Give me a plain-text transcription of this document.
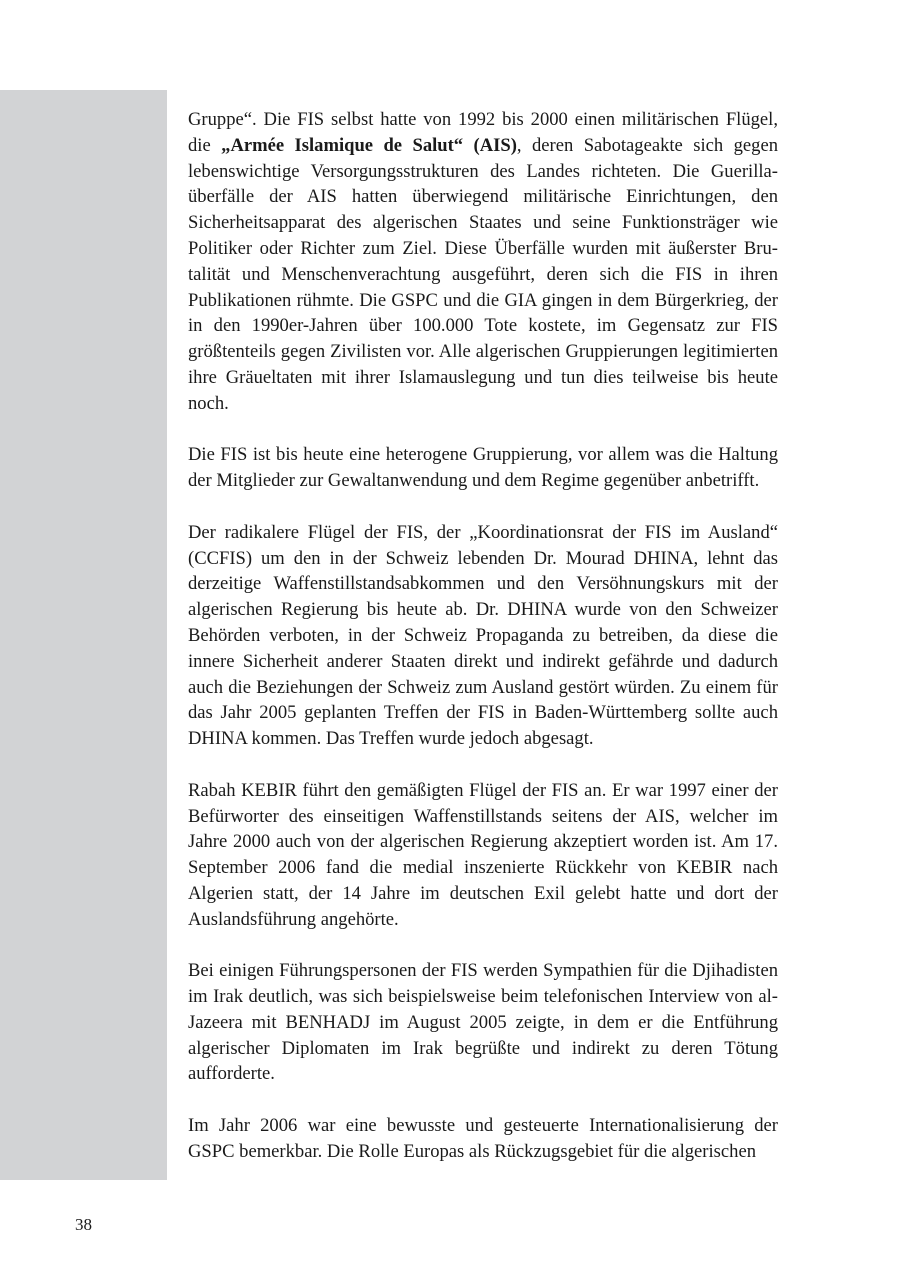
Gruppe“. Die FIS selbst hatte von 1992 bis 2000 einen militärischen Flügel, die „Armée Islamique de Salut“ (AIS), deren Sabotageakte sich gegen lebenswichtige Versorgungsstrukturen des Landes richteten. Die Guerillaüberfälle der AIS hatten überwiegend militärische Einrichtungen, den Sicherheitsapparat des algerischen Staates und seine Funktionsträger wie Politiker oder Richter zum Ziel. Diese Überfälle wurden mit äußerster Brutalität und Menschenverachtung ausgeführt, deren sich die FIS in ihren Publikationen rühmte. Die GSPC und die GIA gingen in dem Bürgerkrieg, der in den 1990er-Jahren über 100.000 Tote kostete, im Gegensatz zur FIS größtenteils gegen Zivilisten vor. Alle algerischen Gruppierungen legitimierten ihre Gräueltaten mit ihrer Islamauslegung und tun dies teilweise bis heute noch.

Die FIS ist bis heute eine heterogene Gruppierung, vor allem was die Haltung der Mitglieder zur Gewaltanwendung und dem Regime gegenüber anbetrifft.

Der radikalere Flügel der FIS, der „Koordinationsrat der FIS im Ausland“ (CCFIS) um den in der Schweiz lebenden Dr. Mourad DHINA, lehnt das derzeitige Waffenstillstandsabkommen und den Versöhnungskurs mit der algerischen Regierung bis heute ab. Dr. DHINA wurde von den Schweizer Behörden verboten, in der Schweiz Propaganda zu betreiben, da diese die innere Sicherheit anderer Staaten direkt und indirekt gefährde und dadurch auch die Beziehungen der Schweiz zum Ausland gestört würden. Zu einem für das Jahr 2005 geplanten Treffen der FIS in Baden-Württemberg sollte auch DHINA kommen. Das Treffen wurde jedoch abgesagt.

Rabah KEBIR führt den gemäßigten Flügel der FIS an. Er war 1997 einer der Befürworter des einseitigen Waffenstillstands seitens der AIS, welcher im Jahre 2000 auch von der algerischen Regierung akzeptiert worden ist. Am 17. September 2006 fand die medial inszenierte Rückkehr von KEBIR nach Algerien statt, der 14 Jahre im deutschen Exil gelebt hatte und dort der Auslandsführung angehörte.

Bei einigen Führungspersonen der FIS werden Sympathien für die Djihadisten im Irak deutlich, was sich beispielsweise beim telefonischen Interview von al-Jazeera mit BENHADJ im August 2005 zeigte, in dem er die Entführung algerischer Diplomaten im Irak begrüßte und indirekt zu deren Tötung aufforderte.

Im Jahr 2006 war eine bewusste und gesteuerte Internationalisierung der GSPC bemerkbar. Die Rolle Europas als Rückzugsgebiet für die algerischen

38
